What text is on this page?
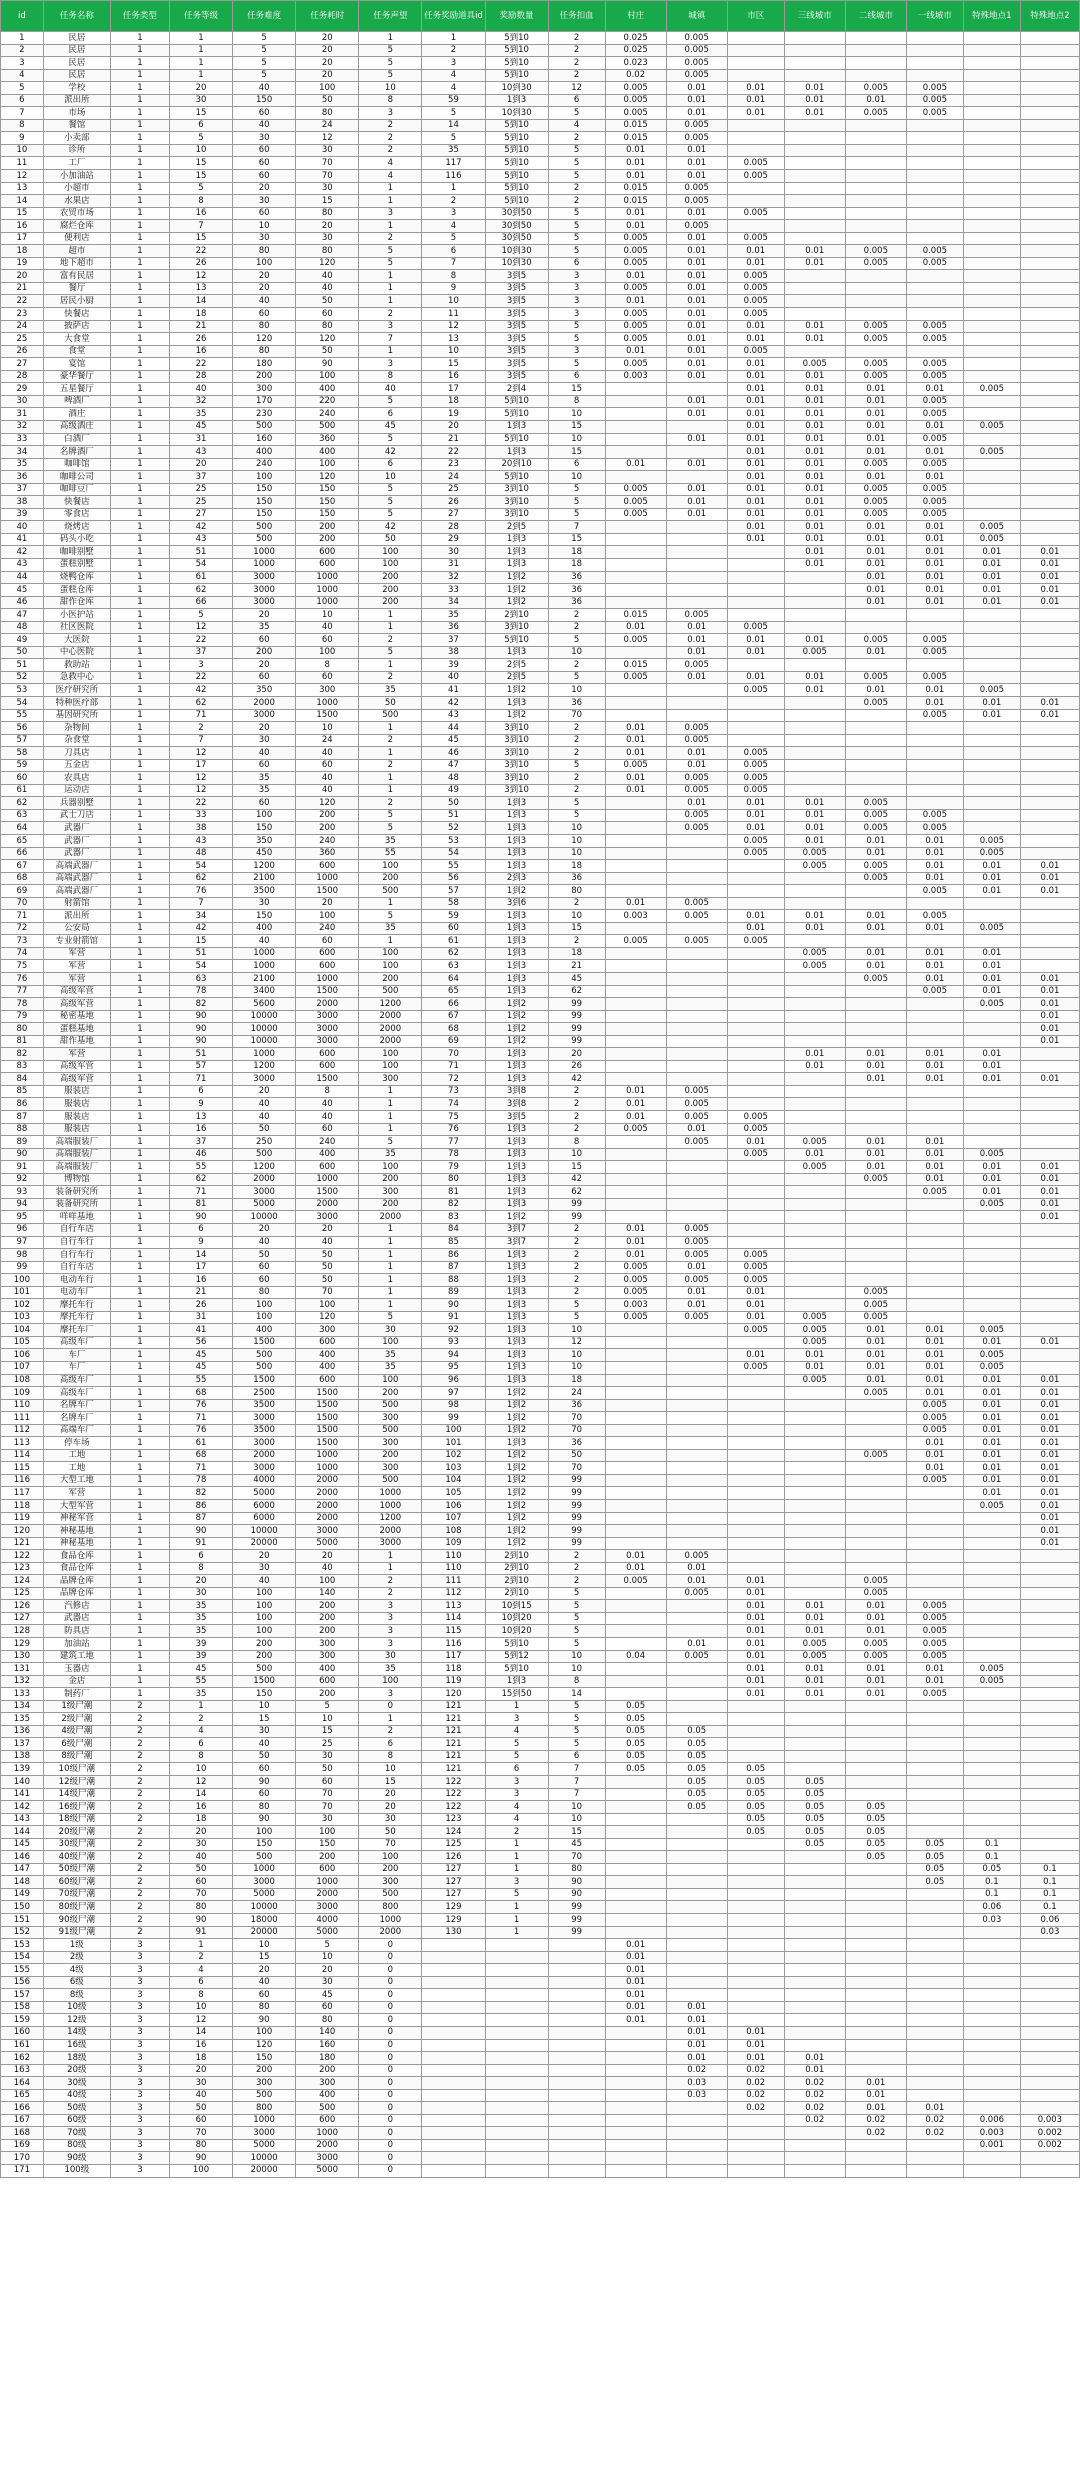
id	任务名称	任务类型	任务等级	任务难度	任务耗时	任务声望	任务奖励道具id	奖励数量	任务扣血	村庄	城镇	市区	三线城市	二线城市	一线城市	特殊地点1	特殊地点2
1	民居	1	1	5	20	1	1	5到10	2	0.025	0.005						
2	民居	1	1	5	20	5	2	5到10	2	0.025	0.005						
3	民居	1	1	5	20	5	3	5到10	2	0.023	0.005						
4	民居	1	1	5	20	5	4	5到10	2	0.02	0.005						
5	学校	1	20	40	100	10	4	10到30	12	0.005	0.01	0.01	0.01	0.005	0.005		
6	派出所	1	30	150	50	8	59	1到3	6	0.005	0.01	0.01	0.01	0.01	0.005		
7	市场	1	15	60	80	3	5	10到30	5	0.005	0.01	0.01	0.01	0.005	0.005		
8	餐馆	1	6	40	24	2	14	5到10	4	0.015	0.005						
9	小卖部	1	5	30	12	2	5	5到10	2	0.015	0.005						
10	诊所	1	10	60	30	2	35	5到10	5	0.01	0.01						
11	工厂	1	15	60	70	4	117	5到10	5	0.01	0.01	0.005					
12	小加油站	1	15	60	70	4	116	5到10	5	0.01	0.01	0.005					
13	小超市	1	5	20	30	1	1	5到10	2	0.015	0.005						
14	水果店	1	8	30	15	1	2	5到10	2	0.015	0.005						
15	农贸市场	1	16	60	80	3	3	30到50	5	0.01	0.01	0.005					
16	腐烂仓库	1	7	10	20	1	4	30到50	5	0.01	0.005						
17	便利店	1	15	30	30	2	5	30到50	5	0.005	0.01	0.005					
18	超市	1	22	80	80	5	6	10到30	5	0.005	0.01	0.01	0.01	0.005	0.005		
19	地下超市	1	26	100	120	5	7	10到30	6	0.005	0.01	0.01	0.01	0.005	0.005		
20	富有民居	1	12	20	40	1	8	3到5	3	0.01	0.01	0.005					
21	餐厅	1	13	20	40	1	9	3到5	3	0.005	0.01	0.005					
22	居民小厨	1	14	40	50	1	10	3到5	3	0.01	0.01	0.005					
23	快餐店	1	18	60	60	2	11	3到5	3	0.005	0.01	0.005					
24	披萨店	1	21	80	80	3	12	3到5	5	0.005	0.01	0.01	0.01	0.005	0.005		
25	大食堂	1	26	120	120	7	13	3到5	5	0.005	0.01	0.01	0.01	0.005	0.005		
26	食堂	1	16	80	50	1	10	3到5	3	0.01	0.01	0.005					
27	宴馆	1	22	180	90	3	15	3到5	5	0.005	0.01	0.01	0.005	0.005	0.005		
28	豪华餐厅	1	28	200	100	8	16	3到5	6	0.003	0.01	0.01	0.01	0.005	0.005		
29	五星餐厅	1	40	300	400	40	17	2到4	15			0.01	0.01	0.01	0.01	0.005	
30	啤酒厂	1	32	170	220	5	18	5到10	8		0.01	0.01	0.01	0.01	0.005		
31	酒庄	1	35	230	240	6	19	5到10	10		0.01	0.01	0.01	0.01	0.005		
32	高级酒庄	1	45	500	500	45	20	1到3	15			0.01	0.01	0.01	0.01	0.005	
33	白酒厂	1	31	160	360	5	21	5到10	10		0.01	0.01	0.01	0.01	0.005		
34	名牌酒厂	1	43	400	400	42	22	1到3	15			0.01	0.01	0.01	0.01	0.005	
35	咖啡馆	1	20	240	100	6	23	20到10	6	0.01	0.01	0.01	0.01	0.005	0.005		
36	咖啡公司	1	37	100	120	10	24	5到10	10			0.01	0.01	0.01	0.01		
37	咖啡豆厂	1	25	150	150	5	25	3到10	5	0.005	0.01	0.01	0.01	0.005	0.005		
38	快餐店	1	25	150	150	5	26	3到10	5	0.005	0.01	0.01	0.01	0.005	0.005		
39	零食店	1	27	150	150	5	27	3到10	5	0.005	0.01	0.01	0.01	0.005	0.005		
40	烧烤店	1	42	500	200	42	28	2到5	7			0.01	0.01	0.01	0.01	0.005	
41	码头小吃	1	43	500	200	50	29	1到3	15			0.01	0.01	0.01	0.01	0.005	
42	咖啡别墅	1	51	1000	600	100	30	1到3	18				0.01	0.01	0.01	0.01	0.01
43	蛋糕别墅	1	54	1000	600	100	31	1到3	18				0.01	0.01	0.01	0.01	0.01
44	烧鸭仓库	1	61	3000	1000	200	32	1到2	36					0.01	0.01	0.01	0.01
45	蛋糕仓库	1	62	3000	1000	200	33	1到2	36					0.01	0.01	0.01	0.01
46	甜作仓库	1	66	3000	1000	200	34	1到2	36					0.01	0.01	0.01	0.01
47	小医护站	1	5	20	10	1	35	2到10	2	0.015	0.005						
48	社区医院	1	12	35	40	1	36	3到10	2	0.01	0.01	0.005					
49	大医院	1	22	60	60	2	37	5到10	5	0.005	0.01	0.01	0.01	0.005	0.005		
50	中心医院	1	37	200	100	5	38	1到3	10		0.01	0.01	0.005	0.01	0.005		
51	救助站	1	3	20	8	1	39	2到5	2	0.015	0.005						
52	急救中心	1	22	60	60	2	40	2到5	5	0.005	0.01	0.01	0.01	0.005	0.005		
53	医疗研究所	1	42	350	300	35	41	1到2	10			0.005	0.01	0.01	0.01	0.005	
54	特种医疗部	1	62	2000	1000	50	42	1到3	36					0.005	0.01	0.01	0.01
55	基因研究所	1	71	3000	1500	500	43	1到2	70						0.005	0.01	0.01
56	杂物间	1	2	20	10	1	44	3到10	2	0.01	0.005						
57	杂食堂	1	7	30	24	2	45	3到10	2	0.01	0.005						
58	刀具店	1	12	40	40	1	46	3到10	2	0.01	0.01	0.005					
59	五金店	1	17	60	60	2	47	3到10	5	0.005	0.01	0.005					
60	农具店	1	12	35	40	1	48	3到10	2	0.01	0.005	0.005					
61	运动店	1	12	35	40	1	49	3到10	2	0.01	0.005	0.005					
62	兵器别墅	1	22	60	120	2	50	1到3	5		0.01	0.01	0.01	0.005			
63	武士刀店	1	33	100	200	5	51	1到3	5		0.005	0.01	0.01	0.005	0.005		
64	武器厂	1	38	150	200	5	52	1到3	10		0.005	0.01	0.01	0.005	0.005		
65	武器厂	1	43	350	240	35	53	1到3	10			0.005	0.01	0.01	0.01	0.005	
66	武器厂	1	48	450	360	55	54	1到3	10			0.005	0.005	0.01	0.01	0.005	
67	高端武器厂	1	54	1200	600	100	55	1到3	18				0.005	0.005	0.01	0.01	0.01
68	高端武器厂	1	62	2100	1000	200	56	2到3	36					0.005	0.01	0.01	0.01
69	高端武器厂	1	76	3500	1500	500	57	1到2	80						0.005	0.01	0.01
70	射箭馆	1	7	30	20	1	58	3到6	2	0.01	0.005						
71	派出所	1	34	150	100	5	59	1到3	10	0.003	0.005	0.01	0.01	0.01	0.005		
72	公安局	1	42	400	240	35	60	1到3	15			0.01	0.01	0.01	0.01	0.005	
73	专业射箭馆	1	15	40	60	1	61	1到3	2	0.005	0.005	0.005					
74	军营	1	51	1000	600	100	62	1到3	18				0.005	0.01	0.01	0.01	
75	军营	1	54	1000	600	100	63	1到3	21				0.005	0.01	0.01	0.01	
76	军营	1	63	2100	1000	200	64	1到3	45					0.005	0.01	0.01	0.01
77	高级军营	1	78	3400	1500	500	65	1到3	62						0.005	0.01	0.01
78	高级军营	1	82	5600	2000	1200	66	1到2	99							0.005	0.01
79	秘密基地	1	90	10000	3000	2000	67	1到2	99								0.01
80	蛋糕基地	1	90	10000	3000	2000	68	1到2	99								0.01
81	甜作基地	1	90	10000	3000	2000	69	1到2	99								0.01
82	军营	1	51	1000	600	100	70	1到3	20				0.01	0.01	0.01	0.01	
83	高级军营	1	57	1200	600	100	71	1到3	26				0.01	0.01	0.01	0.01	
84	高级军营	1	71	3000	1500	300	72	1到3	42					0.01	0.01	0.01	0.01
85	服装店	1	6	20	8	1	73	3到8	2	0.01	0.005						
86	服装店	1	9	40	40	1	74	3到8	2	0.01	0.005						
87	服装店	1	13	40	40	1	75	3到5	2	0.01	0.005	0.005					
88	服装店	1	16	50	60	1	76	1到3	2	0.005	0.01	0.005					
89	高端服装厂	1	37	250	240	5	77	1到3	8		0.005	0.01	0.005	0.01	0.01		
90	高端服装厂	1	46	500	400	35	78	1到3	10			0.005	0.01	0.01	0.01	0.005	
91	高端服装厂	1	55	1200	600	100	79	1到3	15				0.005	0.01	0.01	0.01	0.01
92	博物馆	1	62	2000	1000	200	80	1到3	42					0.005	0.01	0.01	0.01
93	装备研究所	1	71	3000	1500	300	81	1到3	62						0.005	0.01	0.01
94	装备研究所	1	81	5000	2000	200	82	1到3	99							0.005	0.01
95	咩咩基地	1	90	10000	3000	2000	83	1到2	99								0.01
96	自行车店	1	6	20	20	1	84	3到7	2	0.01	0.005						
97	自行车行	1	9	40	40	1	85	3到7	2	0.01	0.005						
98	自行车行	1	14	50	50	1	86	1到3	2	0.01	0.005	0.005					
99	自行车店	1	17	60	50	1	87	1到3	2	0.005	0.01	0.005					
100	电动车行	1	16	60	50	1	88	1到3	2	0.005	0.005	0.005					
101	电动车厂	1	21	80	70	1	89	1到3	2	0.005	0.01	0.01		0.005			
102	摩托车行	1	26	100	100	1	90	1到3	5	0.003	0.01	0.01		0.005			
103	摩托车行	1	31	100	120	5	91	1到3	5	0.005	0.005	0.01	0.005	0.005			
104	摩托车厂	1	41	400	300	30	92	1到3	10			0.005	0.005	0.01	0.01	0.005	
105	高级车厂	1	56	1500	600	100	93	1到3	12				0.005	0.01	0.01	0.01	0.01
106	车厂	1	45	500	400	35	94	1到3	10			0.01	0.01	0.01	0.01	0.005	
107	车厂	1	45	500	400	35	95	1到3	10			0.005	0.01	0.01	0.01	0.005	
108	高级车厂	1	55	1500	600	100	96	1到3	18				0.005	0.01	0.01	0.01	0.01
109	高级车厂	1	68	2500	1500	200	97	1到2	24					0.005	0.01	0.01	0.01
110	名牌车厂	1	76	3500	1500	500	98	1到2	36						0.005	0.01	0.01
111	名牌车厂	1	71	3000	1500	300	99	1到2	70						0.005	0.01	0.01
112	高端车厂	1	76	3500	1500	500	100	1到2	70						0.005	0.01	0.01
113	停车场	1	61	3000	1500	300	101	1到3	36						0.01	0.01	0.01
114	工地	1	68	2000	1000	200	102	1到2	50					0.005	0.01	0.01	0.01
115	工地	1	71	3000	1000	300	103	1到2	70						0.01	0.01	0.01
116	大型工地	1	78	4000	2000	500	104	1到2	99						0.005	0.01	0.01
117	军营	1	82	5000	2000	1000	105	1到2	99							0.01	0.01
118	大型军营	1	86	6000	2000	1000	106	1到2	99							0.005	0.01
119	神秘军营	1	87	6000	2000	1200	107	1到2	99								0.01
120	神秘基地	1	90	10000	3000	2000	108	1到2	99								0.01
121	神秘基地	1	91	20000	5000	3000	109	1到2	99								0.01
122	食品仓库	1	6	20	20	1	110	2到10	2	0.01	0.005						
123	食品仓库	1	8	30	40	1	110	2到10	2	0.01	0.01						
124	品牌仓库	1	20	40	100	2	111	2到10	2	0.005	0.01	0.01		0.005			
125	品牌仓库	1	30	100	140	2	112	2到10	5		0.005	0.01		0.005			
126	汽修店	1	35	100	200	3	113	10到15	5			0.01	0.01	0.01	0.005		
127	武器店	1	35	100	200	3	114	10到20	5			0.01	0.01	0.01	0.005		
128	防具店	1	35	100	200	3	115	10到20	5			0.01	0.01	0.01	0.005		
129	加油站	1	39	200	300	3	116	5到10	5		0.01	0.01	0.005	0.005	0.005		
130	建筑工地	1	39	200	300	30	117	5到12	10	0.04	0.005	0.01	0.005	0.005	0.005		
131	玉器店	1	45	500	400	35	118	5到10	10			0.01	0.01	0.01	0.01	0.005	
132	金店	1	55	1500	600	100	119	1到3	8			0.01	0.01	0.01	0.01	0.005	
133	制药厂	1	35	150	200	3	120	15到50	14			0.01	0.01	0.01	0.005		
134	1级尸潮	2	1	10	5	0	121	1	5	0.05							
135	2级尸潮	2	2	15	10	1	121	3	5	0.05							
136	4级尸潮	2	4	30	15	2	121	4	5	0.05	0.05						
137	6级尸潮	2	6	40	25	6	121	5	5	0.05	0.05						
138	8级尸潮	2	8	50	30	8	121	5	6	0.05	0.05						
139	10级尸潮	2	10	60	50	10	121	6	7	0.05	0.05	0.05					
140	12级尸潮	2	12	90	60	15	122	3	7		0.05	0.05	0.05				
141	14级尸潮	2	14	60	70	20	122	3	7		0.05	0.05	0.05				
142	16级尸潮	2	16	80	70	20	122	4	10		0.05	0.05	0.05	0.05			
143	18级尸潮	2	18	90	30	30	123	4	10			0.05	0.05	0.05			
144	20级尸潮	2	20	100	100	50	124	2	15			0.05	0.05	0.05			
145	30级尸潮	2	30	150	150	70	125	1	45				0.05	0.05	0.05	0.1	
146	40级尸潮	2	40	500	200	100	126	1	70					0.05	0.05	0.1	
147	50级尸潮	2	50	1000	600	200	127	1	80						0.05	0.05	0.1
148	60级尸潮	2	60	3000	1000	300	127	3	90						0.05	0.1	0.1
149	70级尸潮	2	70	5000	2000	500	127	5	90							0.1	0.1
150	80级尸潮	2	80	10000	3000	800	129	1	99							0.06	0.1
151	90级尸潮	2	90	18000	4000	1000	129	1	99							0.03	0.06
152	91级尸潮	2	91	20000	5000	2000	130	1	99								0.03
153	1级	3	1	10	5	0				0.01							
154	2级	3	2	15	10	0				0.01							
155	4级	3	4	20	20	0				0.01							
156	6级	3	6	40	30	0				0.01							
157	8级	3	8	60	45	0				0.01							
158	10级	3	10	80	60	0				0.01	0.01						
159	12级	3	12	90	80	0				0.01	0.01						
160	14级	3	14	100	140	0					0.01	0.01					
161	16级	3	16	120	160	0					0.01	0.01					
162	18级	3	18	150	180	0					0.01	0.01	0.01				
163	20级	3	20	200	200	0					0.02	0.02	0.01				
164	30级	3	30	300	300	0					0.03	0.02	0.02	0.01			
165	40级	3	40	500	400	0					0.03	0.02	0.02	0.01			
166	50级	3	50	800	500	0						0.02	0.02	0.01	0.01		
167	60级	3	60	1000	600	0							0.02	0.02	0.02	0.006	0.003
168	70级	3	70	3000	1000	0								0.02	0.02	0.003	0.002
169	80级	3	80	5000	2000	0										0.001	0.002
170	90级	3	90	10000	3000	0											
171	100级	3	100	20000	5000	0											
